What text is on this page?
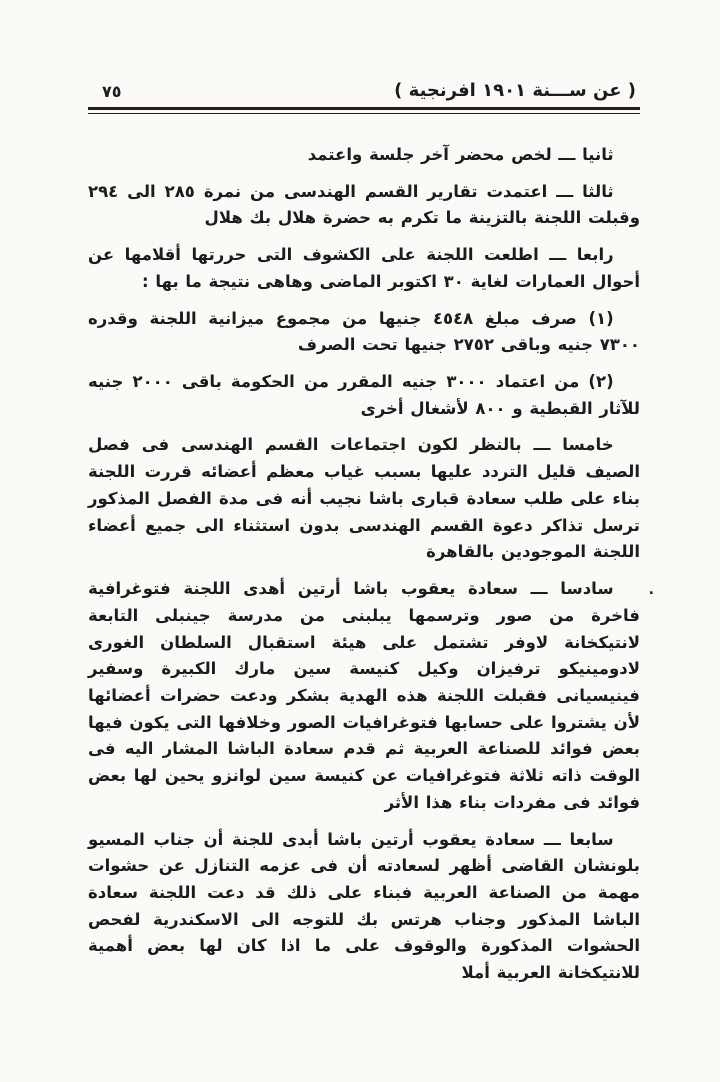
٧٥	( عن ســـنة ١٩٠١ افرنجية )

ثانيا ـــ لخص محضر آخر جلسة واعتمد

ثالثا ـــ اعتمدت تقارير القسم الهندسى من نمرة ٢٨٥ الى ٢٩٤ وقبلت اللجنة بالتزينة ما تكرم به حضرة هلال بك هلال

رابعا ـــ اطلعت اللجنة على الكشوف التى حررتها أقلامها عن أحوال العمارات لغاية ٣٠ اكتوبر الماضى وهاهى نتيجة ما بها :

(١) صرف مبلغ ٤٥٤٨ جنيها من مجموع ميزانية اللجنة وقدره ٧٣٠٠ جنيه وباقى ٢٧٥٢ جنيها تحت الصرف

(٢) من اعتماد ٣٠٠٠ جنيه المقرر من الحكومة باقى ٢٠٠٠ جنيه للآثار القبطية و ٨٠٠ لأشغال أخرى

خامسا ـــ بالنظر لكون اجتماعات القسم الهندسى فى فصل الصيف قليل التردد عليها بسبب غياب معظم أعضائه قررت اللجنة بناء على طلب سعادة قبارى باشا نجيب أنه فى مدة الفصل المذكور ترسل تذاكر دعوة القسم الهندسى بدون استثناء الى جميع أعضاء اللجنة الموجودين بالقاهرة

سادسا ـــ سعادة يعقوب باشا أرتين أهدى اللجنة فتوغرافية فاخرة من صور وترسمها يبلبنى من مدرسة جينبلى التابعة لانتيكخانة لاوفر تشتمل على هيئة استقبال السلطان الغورى لادومينيكو ترفيزان وكيل كنيسة سين مارك الكبيرة وسفير فينيسيانى فقبلت اللجنة هذه الهدية بشكر ودعت حضرات أعضائها لأن يشتروا على حسابها فتوغرافيات الصور وخلافها التى يكون فيها بعض فوائد للصناعة العربية ثم قدم سعادة الباشا المشار اليه فى الوقت ذاته ثلاثة فتوغرافيات عن كنيسة سين لوانزو يحين لها بعض فوائد فى مفردات بناء هذا الأثر

سابعا ـــ سعادة يعقوب أرتين باشا أبدى للجنة أن جناب المسيو بلونشان القاضى أظهر لسعادته أن فى عزمه التنازل عن حشوات مهمة من الصناعة العربية فبناء على ذلك قد دعت اللجنة سعادة الباشا المذكور وجناب هرتس بك للتوجه الى الاسكندرية لفحص الحشوات المذكورة والوقوف على ما اذا كان لها بعض أهمية للانتيكخانة العربية أملا

.
